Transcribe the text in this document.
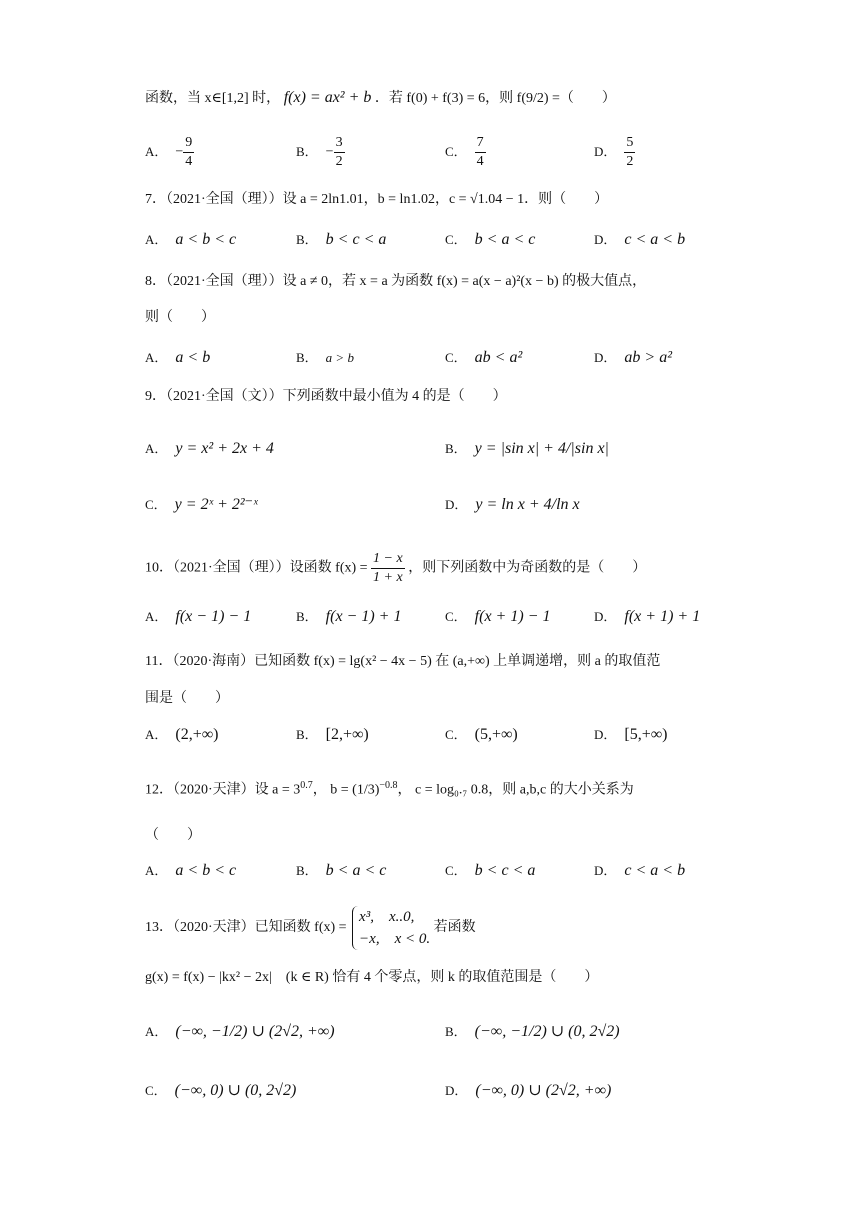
函数，当 x∈[1,2] 时， f(x) = ax² + b ．若 f(0) + f(3) = 6，则 f(9/2) =（　　）
A． − $\frac{9}{4}$	B． − $\frac{3}{2}$	C． $\frac{7}{4}$	D． $\frac{5}{2}$
7．（2021·全国（理））设 a = 2ln1.01，b = ln1.02，c = √1.04 − 1．则（　　）
A． a < b < c	B． b < c < a	C． b < a < c	D． c < a < b
8．（2021·全国（理））设 a ≠ 0，若 x = a 为函数 f(x) = a(x − a)²(x − b) 的极大值点，
则（　　）
A． a < b	B． a > b	C． ab < a²	D． ab > a²
9．（2021·全国（文））下列函数中最小值为 4 的是（　　）
A． y = x² + 2x + 4	B． y = |sin x| + 4/|sin x|
C． y = 2ˣ + 2²⁻ˣ	D． y = ln x + 4/ln x
10．（2021·全国（理））设函数 $f(x) = \frac{1 - x}{1 + x}$ ，则下列函数中为奇函数的是（　　）
A． f(x − 1) − 1	B． f(x − 1) + 1	C． f(x + 1) − 1	D． f(x + 1) + 1
11．（2020·海南）已知函数 f(x) = lg(x² − 4x − 5) 在 (a,+∞) 上单调递增，则 a 的取值范
围是（　　）
A． (2,+∞)	B． [2,+∞)	C． (5,+∞)	D． [5,+∞)
12．（2020·天津）设 $a = 3^{0.7}$， $b = (1/3)^{-0.8}$， c = log₀.₇ 0.8，则 a,b,c 的大小关系为
（　　）
A． a < b < c	B． b < a < c	C． b < c < a	D． c < a < b
13．（2020·天津）已知函数 f(x) =
x³,　x..0,
−x,　x < 0.
若函数
g(x) = f(x) − |kx² − 2x|　(k ∈ R) 恰有 4 个零点，则 k 的取值范围是（　　）
A． (−∞, −1/2) ∪ (2√2, +∞)	B． (−∞, −1/2) ∪ (0, 2√2)
C． (−∞, 0) ∪ (0, 2√2)	D． (−∞, 0) ∪ (2√2, +∞)
